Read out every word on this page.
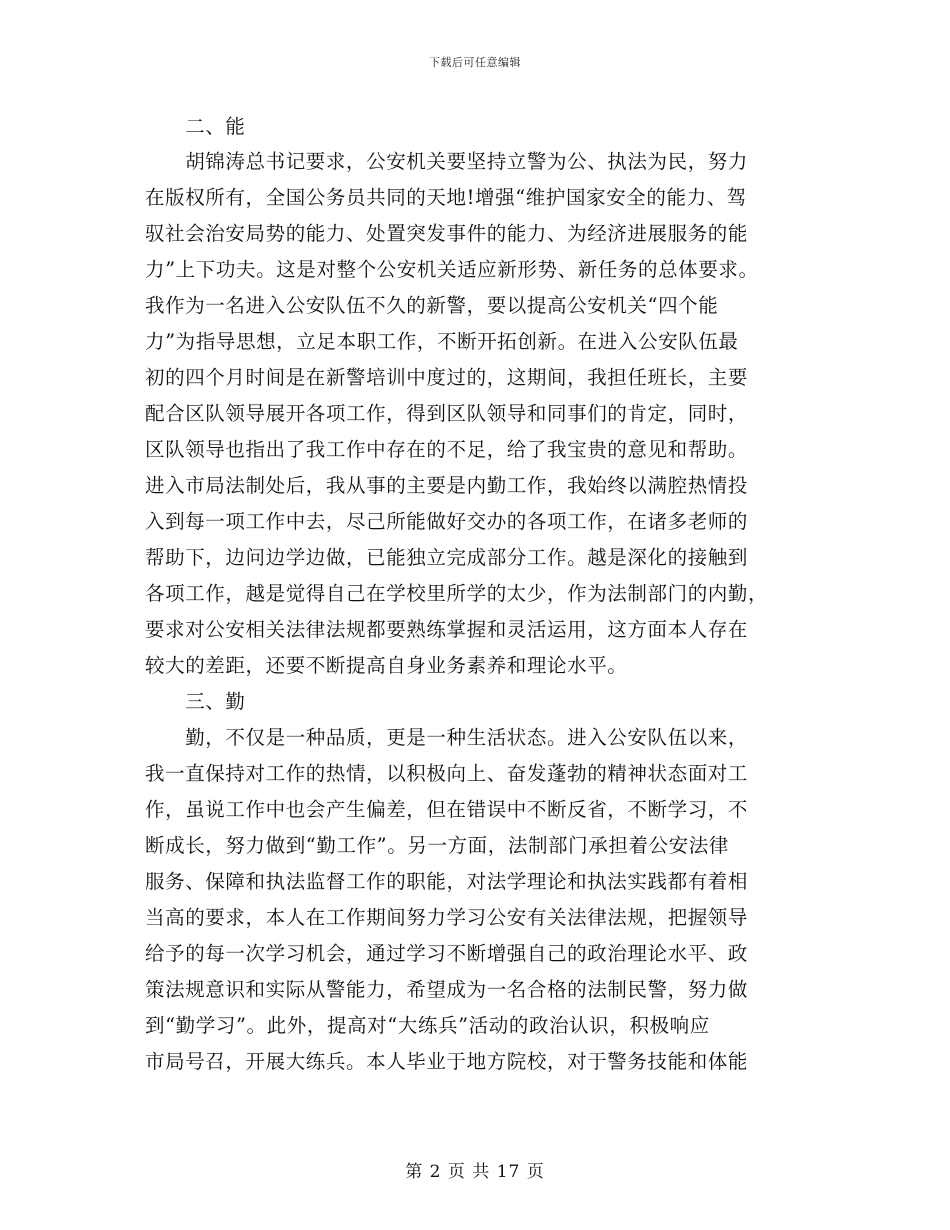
下载后可任意编辑
　　二、能
　　胡锦涛总书记要求，公安机关要坚持立警为公、执法为民，努力
在版权所有，全国公务员共同的天地!增强“维护国家安全的能力、驾
驭社会治安局势的能力、处置突发事件的能力、为经济进展服务的能
力”上下功夫。这是对整个公安机关适应新形势、新任务的总体要求。
我作为一名进入公安队伍不久的新警，要以提高公安机关“四个能
力”为指导思想，立足本职工作，不断开拓创新。在进入公安队伍最
初的四个月时间是在新警培训中度过的，这期间，我担任班长，主要
配合区队领导展开各项工作，得到区队领导和同事们的肯定，同时，
区队领导也指出了我工作中存在的不足，给了我宝贵的意见和帮助。
进入市局法制处后，我从事的主要是内勤工作，我始终以满腔热情投
入到每一项工作中去，尽己所能做好交办的各项工作，在诸多老师的
帮助下，边问边学边做，已能独立完成部分工作。越是深化的接触到
各项工作，越是觉得自己在学校里所学的太少，作为法制部门的内勤，
要求对公安相关法律法规都要熟练掌握和灵活运用，这方面本人存在
较大的差距，还要不断提高自身业务素养和理论水平。
　　三、勤
　　勤，不仅是一种品质，更是一种生活状态。进入公安队伍以来，
我一直保持对工作的热情，以积极向上、奋发蓬勃的精神状态面对工
作，虽说工作中也会产生偏差，但在错误中不断反省，不断学习，不
断成长，努力做到“勤工作”。另一方面，法制部门承担着公安法律
服务、保障和执法监督工作的职能，对法学理论和执法实践都有着相
当高的要求，本人在工作期间努力学习公安有关法律法规，把握领导
给予的每一次学习机会，通过学习不断增强自己的政治理论水平、政
策法规意识和实际从警能力，希望成为一名合格的法制民警，努力做
到“勤学习”。此外，提高对“大练兵”活动的政治认识，积极响应
市局号召，开展大练兵。本人毕业于地方院校，对于警务技能和体能
第 2 页 共 17 页
